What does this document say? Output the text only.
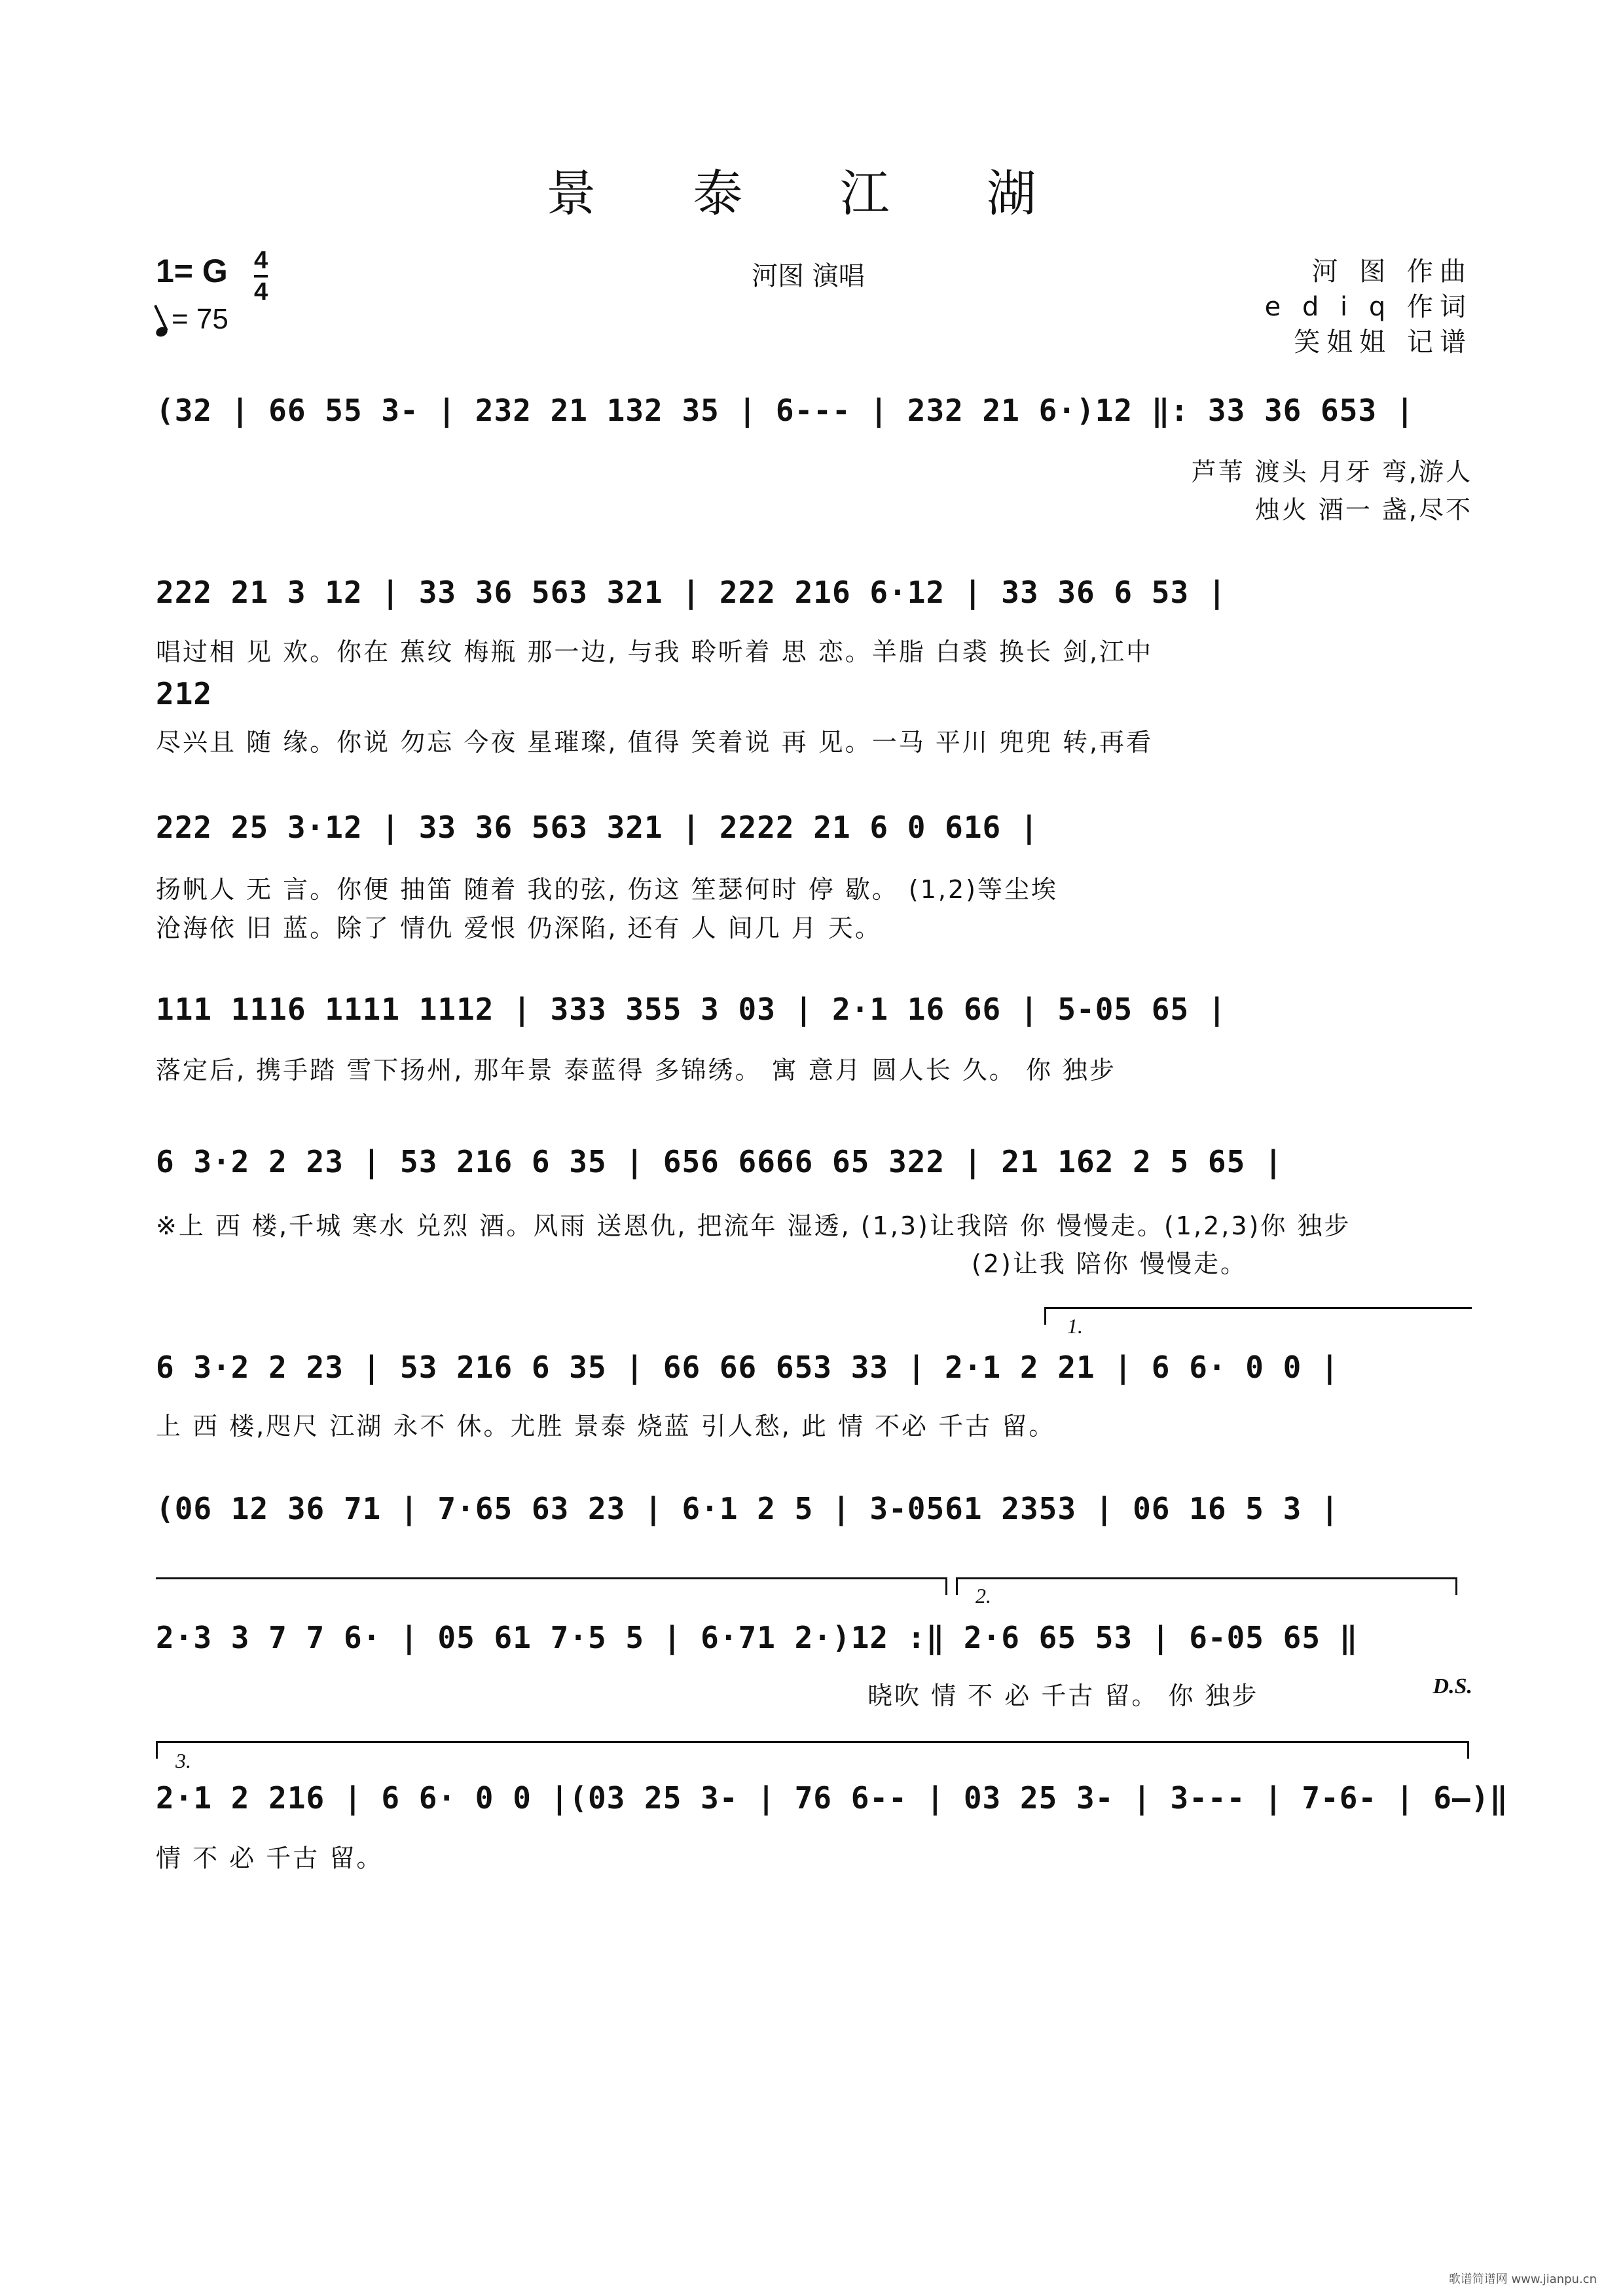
景 泰 江 湖
1= G 4
4
= 75
河图 演唱	河 图 作曲
e d i q 作词
笑姐姐 记谱
(32 | 66 55 3- | 232 21 132 35 | 6--- | 232 21 6·)12 ‖: 33 36 653 |
芦苇 渡头 月牙 弯,游人
烛火 酒一 盏,尽不
222 21 3 12 | 33 36 563 321 | 222 216 6·12 | 33 36 6 53 |
唱过相 见 欢。你在 蕉纹 梅瓶 那一边, 与我 聆听着 思 恋。羊脂 白裘 换长 剑,江中
212
尽兴且 随 缘。你说 勿忘 今夜 星璀璨, 值得 笑着说 再 见。一马 平川 兜兜 转,再看
222 25 3·12 | 33 36 563 321 | 2222 21 6 0 616 |
扬帆人 无 言。你便 抽笛 随着 我的弦, 伤这 笙瑟何时 停 歇。 (1,2)等尘埃
沧海依 旧 蓝。除了 情仇 爱恨 仍深陷, 还有 人 间几 月 天。
111 1116 1111 1112 | 333 355 3 03 | 2·1 16 66 | 5-05 65 |
落定后, 携手踏 雪下扬州, 那年景 泰蓝得 多锦绣。 寓 意月 圆人长 久。 你 独步
6 3·2 2 23 | 53 216 6 35 | 656 6666 65 322 | 21 162 2 5 65 |
※上 西 楼,千城 寒水 兑烈 酒。风雨 送恩仇, 把流年 湿透, (1,3)让我陪 你 慢慢走。(1,2,3)你 独步
(2)让我 陪你 慢慢走。
1.
6 3·2 2 23 | 53 216 6 35 | 66 66 653 33 | 2·1 2 21 | 6 6· 0 0 |
上 西 楼,咫尺 江湖 永不 休。尤胜 景泰 烧蓝 引人愁, 此 情 不必 千古 留。
(06 12 36 71 | 7·65 63 23 | 6·1 2 5 | 3-0561 2353 | 06 16 5 3 |
2.
2·3 3 7 7 6· | 05 61 7·5 5 | 6·71 2·)12 :‖ 2·6 65 53 | 6-05 65 ‖
晓吹 情 不 必 千古 留。 你 独步	D.S.
3.
2·1 2 216 | 6 6· 0 0 |(03 25 3- | 76 6-- | 03 25 3- | 3--- | 7-6- | 6—)‖
情 不 必 千古 留。
歌谱简谱网 www.jianpu.cn
